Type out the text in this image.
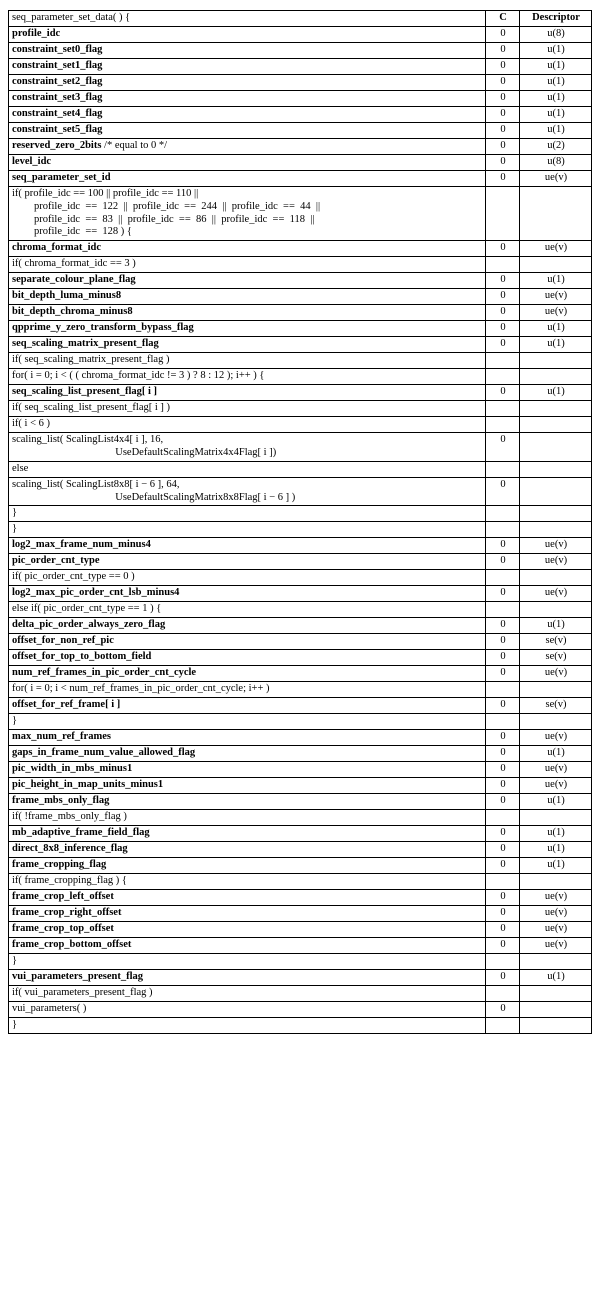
seq_parameter_set_data( ) {	C	Descriptor
profile_idc	0	u(8)
constraint_set0_flag	0	u(1)
constraint_set1_flag	0	u(1)
constraint_set2_flag	0	u(1)
constraint_set3_flag	0	u(1)
constraint_set4_flag	0	u(1)
constraint_set5_flag	0	u(1)
reserved_zero_2bits /* equal to 0 */	0	u(2)
level_idc	0	u(8)
seq_parameter_set_id	0	ue(v)
if( profile_idc == 100 || profile_idc == 110 ||
profile_idc  ==  122  ||  profile_idc  ==  244  ||  profile_idc  ==  44  ||
profile_idc  ==  83  ||  profile_idc  ==  86  ||  profile_idc  ==  118  ||
profile_idc  ==  128 ) {		

chroma_format_idc	0	ue(v)
if( chroma_format_idc == 3 )		
separate_colour_plane_flag	0	u(1)
bit_depth_luma_minus8	0	ue(v)
bit_depth_chroma_minus8	0	ue(v)
qpprime_y_zero_transform_bypass_flag	0	u(1)
seq_scaling_matrix_present_flag	0	u(1)
if( seq_scaling_matrix_present_flag )		
for( i = 0; i < ( ( chroma_format_idc != 3 ) ? 8 : 12 ); i++ ) {		
seq_scaling_list_present_flag[ i ]	0	u(1)
if( seq_scaling_list_present_flag[ i ] )		
if( i < 6 )		
scaling_list( ScalingList4x4[ i ], 16,
UseDefaultScalingMatrix4x4Flag[ i ])	0	
else		
scaling_list( ScalingList8x8[ i − 6 ], 64,
UseDefaultScalingMatrix8x8Flag[ i − 6 ] )	0	
}		
}		
log2_max_frame_num_minus4	0	ue(v)
pic_order_cnt_type	0	ue(v)
if( pic_order_cnt_type == 0 )		
log2_max_pic_order_cnt_lsb_minus4	0	ue(v)
else if( pic_order_cnt_type == 1 ) {		
delta_pic_order_always_zero_flag	0	u(1)
offset_for_non_ref_pic	0	se(v)
offset_for_top_to_bottom_field	0	se(v)
num_ref_frames_in_pic_order_cnt_cycle	0	ue(v)
for( i = 0; i < num_ref_frames_in_pic_order_cnt_cycle; i++ )		
offset_for_ref_frame[ i ]	0	se(v)
}		
max_num_ref_frames	0	ue(v)
gaps_in_frame_num_value_allowed_flag	0	u(1)
pic_width_in_mbs_minus1	0	ue(v)
pic_height_in_map_units_minus1	0	ue(v)
frame_mbs_only_flag	0	u(1)
if( !frame_mbs_only_flag )		
mb_adaptive_frame_field_flag	0	u(1)
direct_8x8_inference_flag	0	u(1)
frame_cropping_flag	0	u(1)
if( frame_cropping_flag ) {		
frame_crop_left_offset	0	ue(v)
frame_crop_right_offset	0	ue(v)
frame_crop_top_offset	0	ue(v)
frame_crop_bottom_offset	0	ue(v)
}		
vui_parameters_present_flag	0	u(1)
if( vui_parameters_present_flag )		
vui_parameters( )	0	
}		
